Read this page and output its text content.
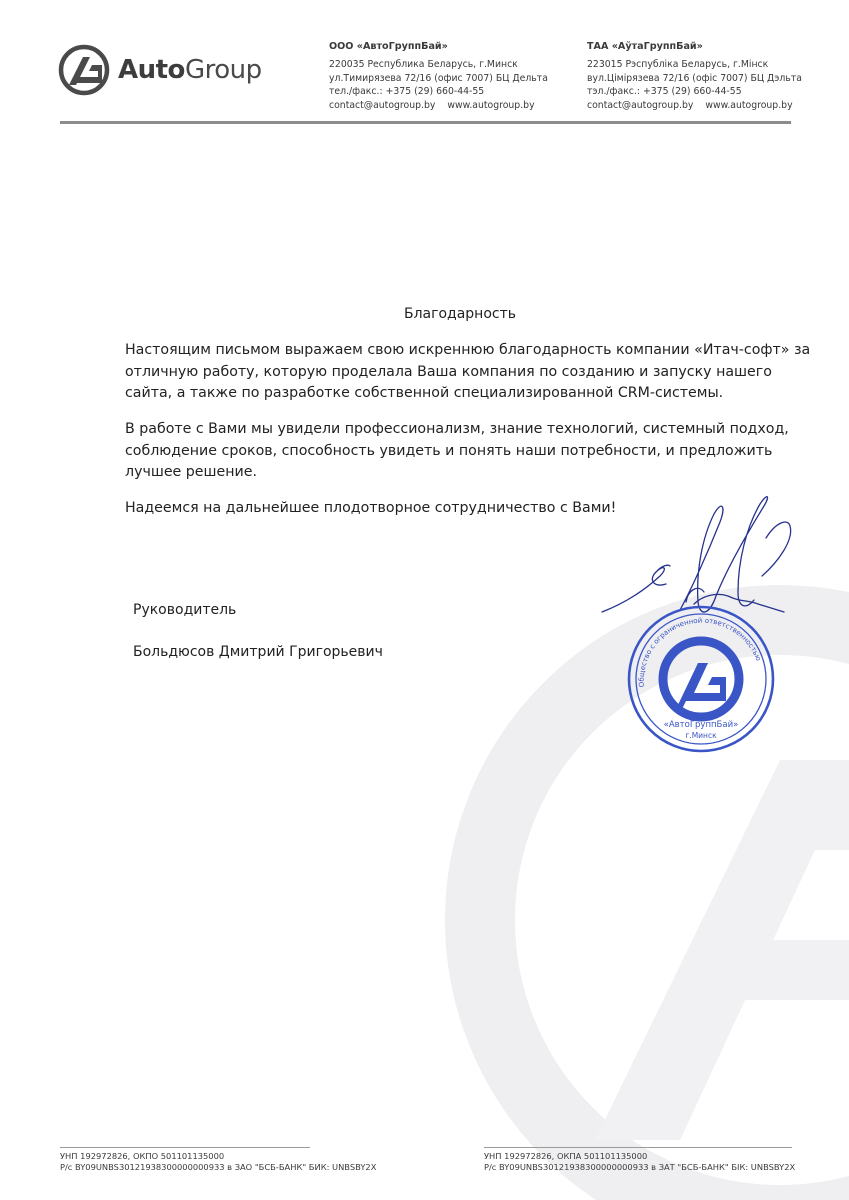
AutoGroup
ООО «АвтоГруппБай»
220035 Республика Беларусь, г.Минск
ул.Тимирязева 72/16 (офис 7007) БЦ Дельта
тел./факс.: +375 (29) 660-44-55
contact@autogroup.by www.autogroup.by
ТАА «АўтаГруппБай»
223015 Рэспубліка Беларусь, г.Мінск
вул.Цімірязева 72/16 (офіс 7007) БЦ Дэльта
тэл./факс.: +375 (29) 660-44-55
contact@autogroup.by www.autogroup.by
Благодарность
Настоящим письмом выражаем свою искреннюю благодарность компании «Итач-софт» за
отличную работу, которую проделала Ваша компания по созданию и запуску нашего
сайта, а также по разработке собственной специализированной CRM-системы.
В работе с Вами мы увидели профессионализм, знание технологий, системный подход,
соблюдение сроков, способность увидеть и понять наши потребности, и предложить
лучшее решение.
Надеемся на дальнейшее плодотворное сотрудничество с Вами!
Руководитель
Больдюсов Дмитрий Григорьевич
Общество с ограниченной ответственностью
«АвтоГруппБай»
г.Минск
УНП 192972826, ОКПО 501101135000
Р/с BY09UNBS30121938300000000933 в ЗАО "БСБ-БАНК" БИК: UNBSBY2X
УНП 192972826, ОКПА 501101135000
Р/с BY09UNBS30121938300000000933 в ЗАТ "БСБ-БАНК" БІК: UNBSBY2X
